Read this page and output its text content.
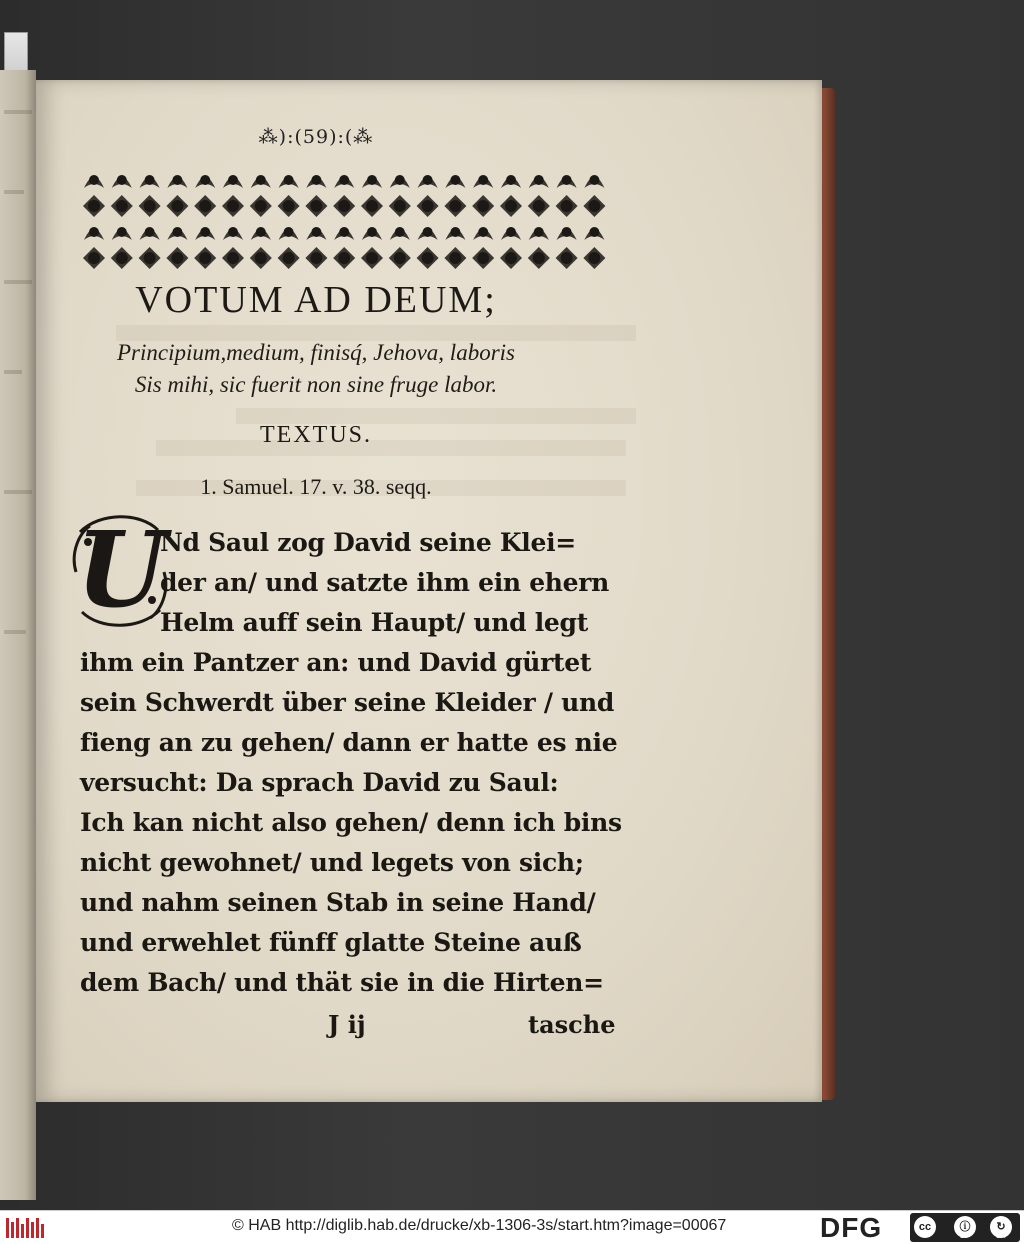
⁂):(59):(⁂
VOTUM AD DEUM;
Principium,medium, finisq́, Jehova, laboris
Sis mihi, sic fuerit non sine fruge labor.
TEXTUS.
1. Samuel. 17. v. 38. seqq.
U
Nd Saul zog David seine Klei=
der an/ und satzte ihm ein ehern
Helm auff sein Haupt/ und legt
ihm ein Pantzer an: und David gürtet
sein Schwerdt über seine Kleider / und
fieng an zu gehen/ dann er hatte es nie
versucht: Da sprach David zu Saul:
Ich kan nicht also gehen/ denn ich bins
nicht gewohnet/ und legets von sich;
und nahm seinen Stab in seine Hand/
und erwehlet fünff glatte Steine auß
dem Bach/ und thät sie in die Hirten=
J ij	tasche
© HAB http://diglib.hab.de/drucke/xb-1306-3s/start.htm?image=00067	DFG	cc	ⓘ	↻
BY	SA
